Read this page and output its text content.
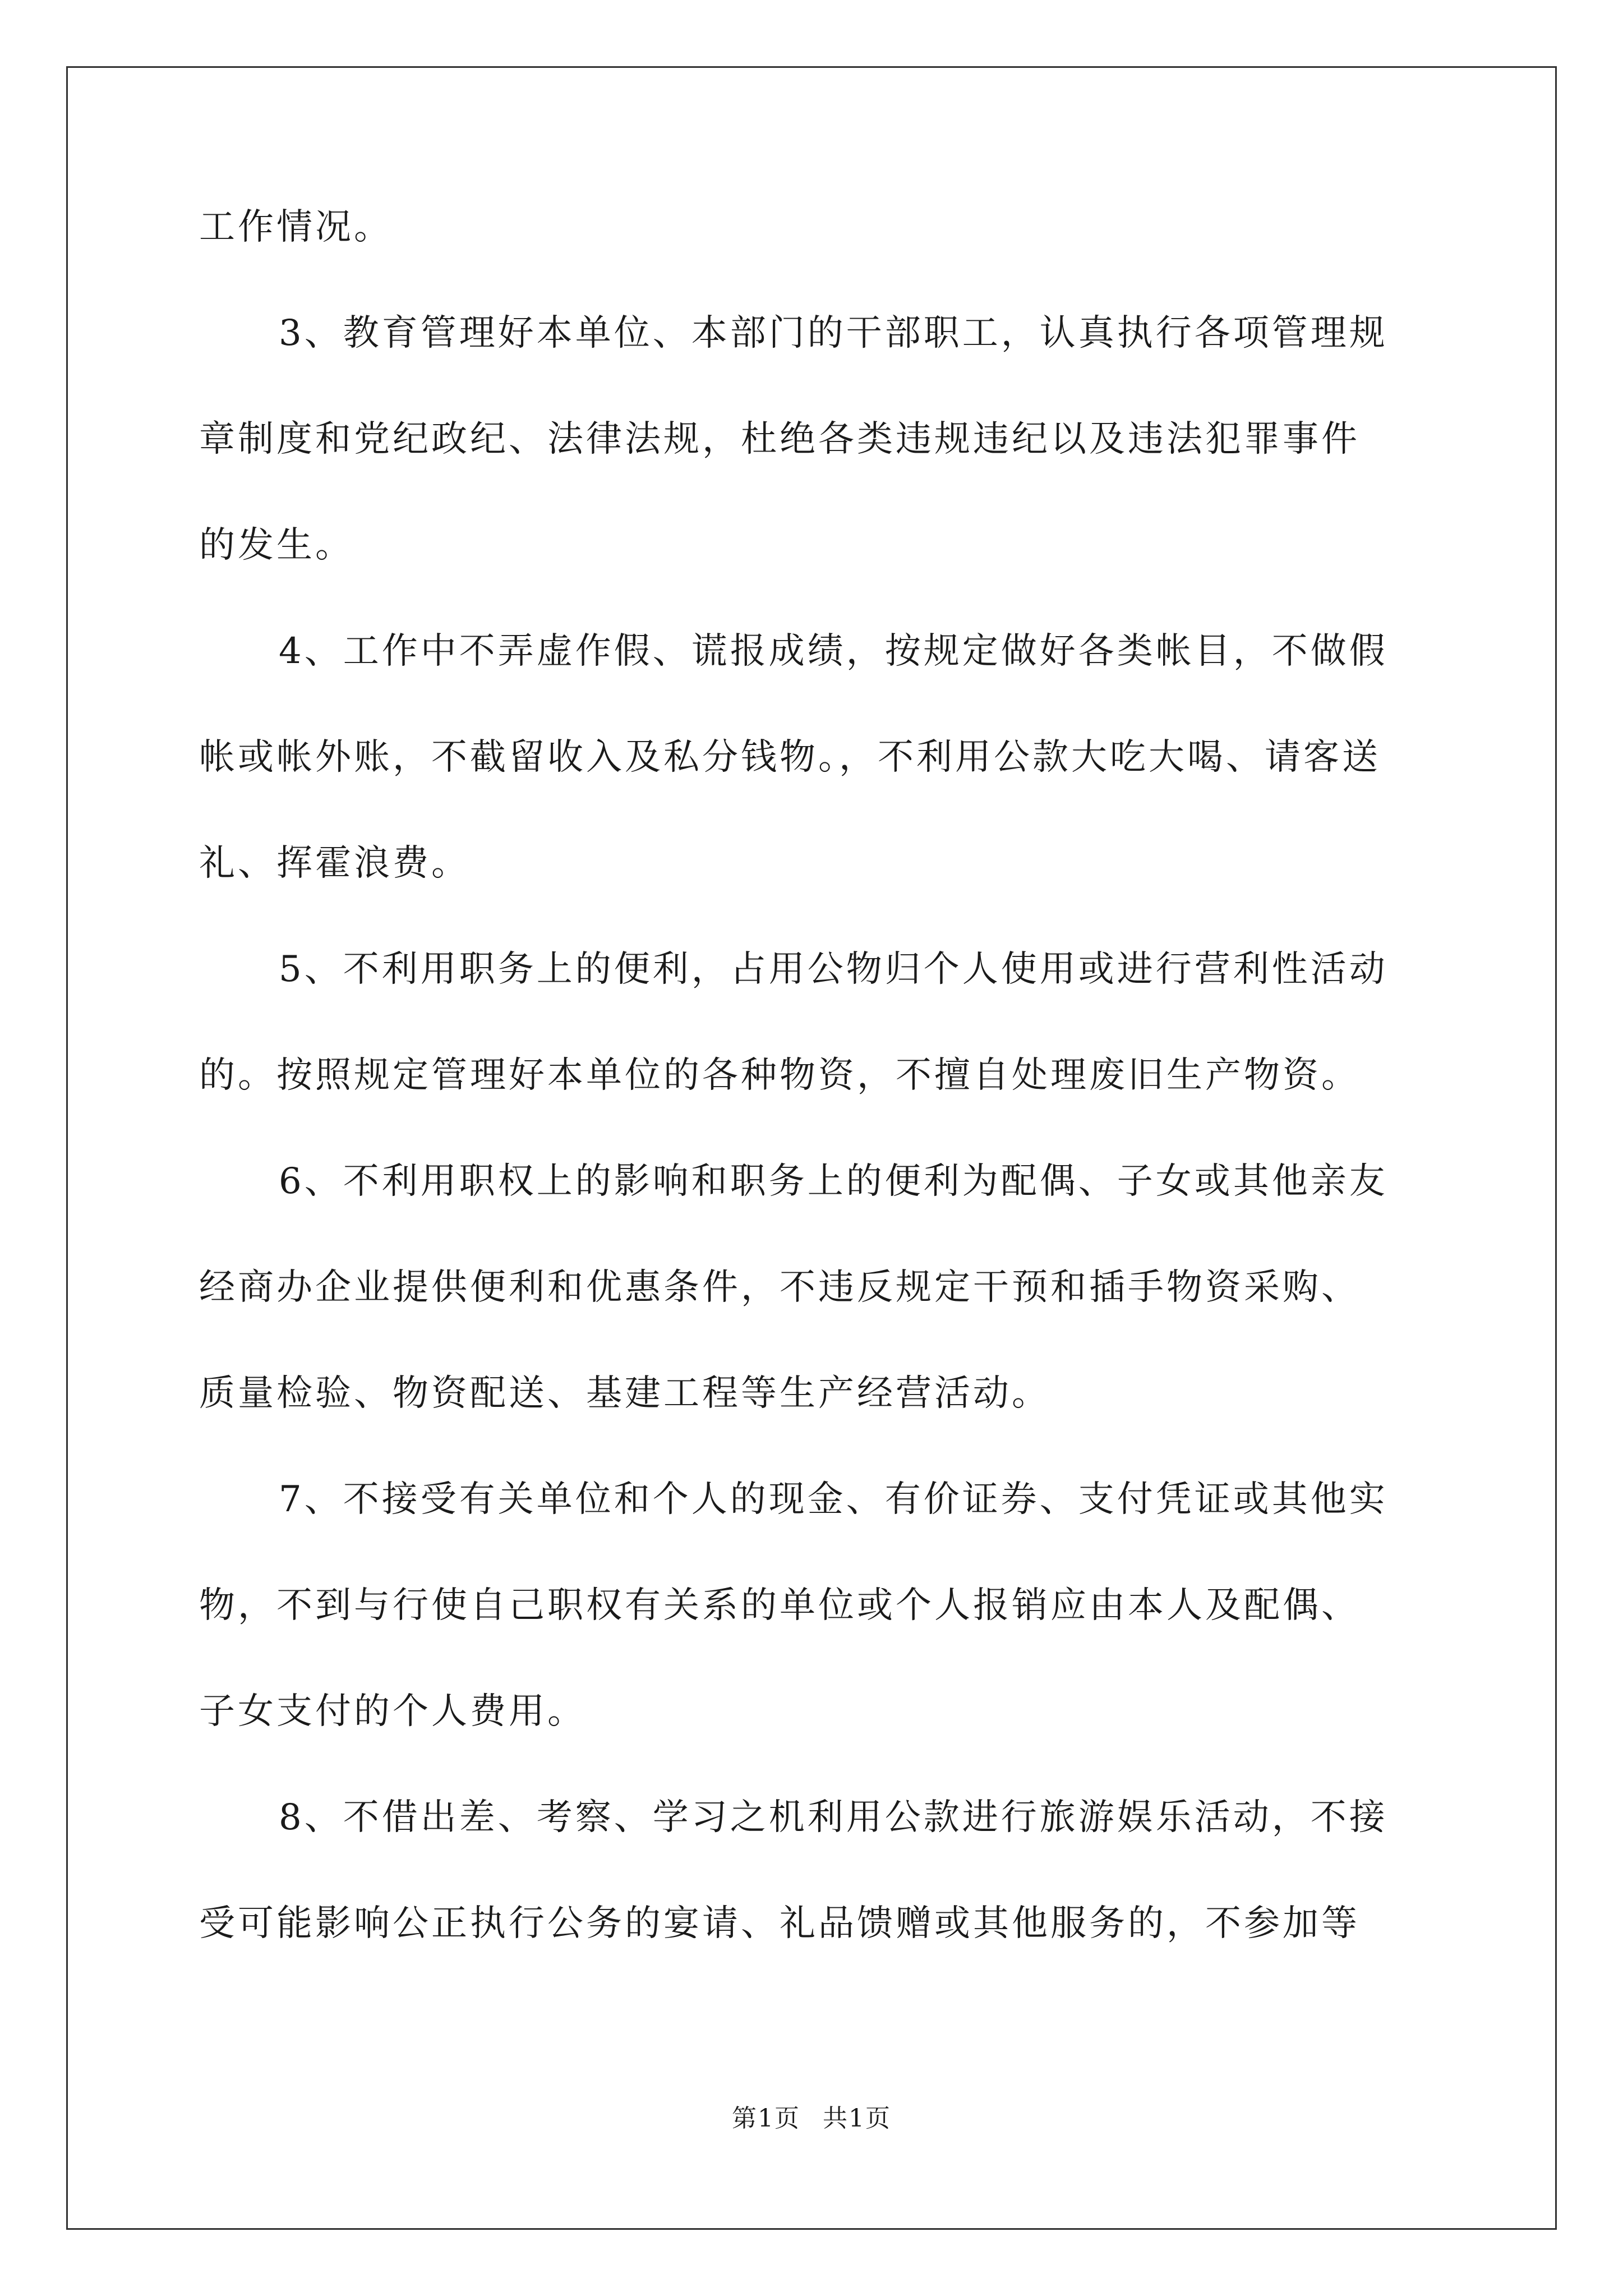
工作情况。
3、教育管理好本单位、本部门的干部职工，认真执行各项管理规
章制度和党纪政纪、法律法规，杜绝各类违规违纪以及违法犯罪事件
的发生。
4、工作中不弄虚作假、谎报成绩，按规定做好各类帐目，不做假
帐或帐外账，不截留收入及私分钱物。，不利用公款大吃大喝、请客送
礼、挥霍浪费。
5、不利用职务上的便利，占用公物归个人使用或进行营利性活动
的。按照规定管理好本单位的各种物资，不擅自处理废旧生产物资。
6、不利用职权上的影响和职务上的便利为配偶、子女或其他亲友
经商办企业提供便利和优惠条件，不违反规定干预和插手物资采购、
质量检验、物资配送、基建工程等生产经营活动。
7、不接受有关单位和个人的现金、有价证券、支付凭证或其他实
物，不到与行使自己职权有关系的单位或个人报销应由本人及配偶、
子女支付的个人费用。
8、不借出差、考察、学习之机利用公款进行旅游娱乐活动，不接
受可能影响公正执行公务的宴请、礼品馈赠或其他服务的，不参加等
第1页 共1页
